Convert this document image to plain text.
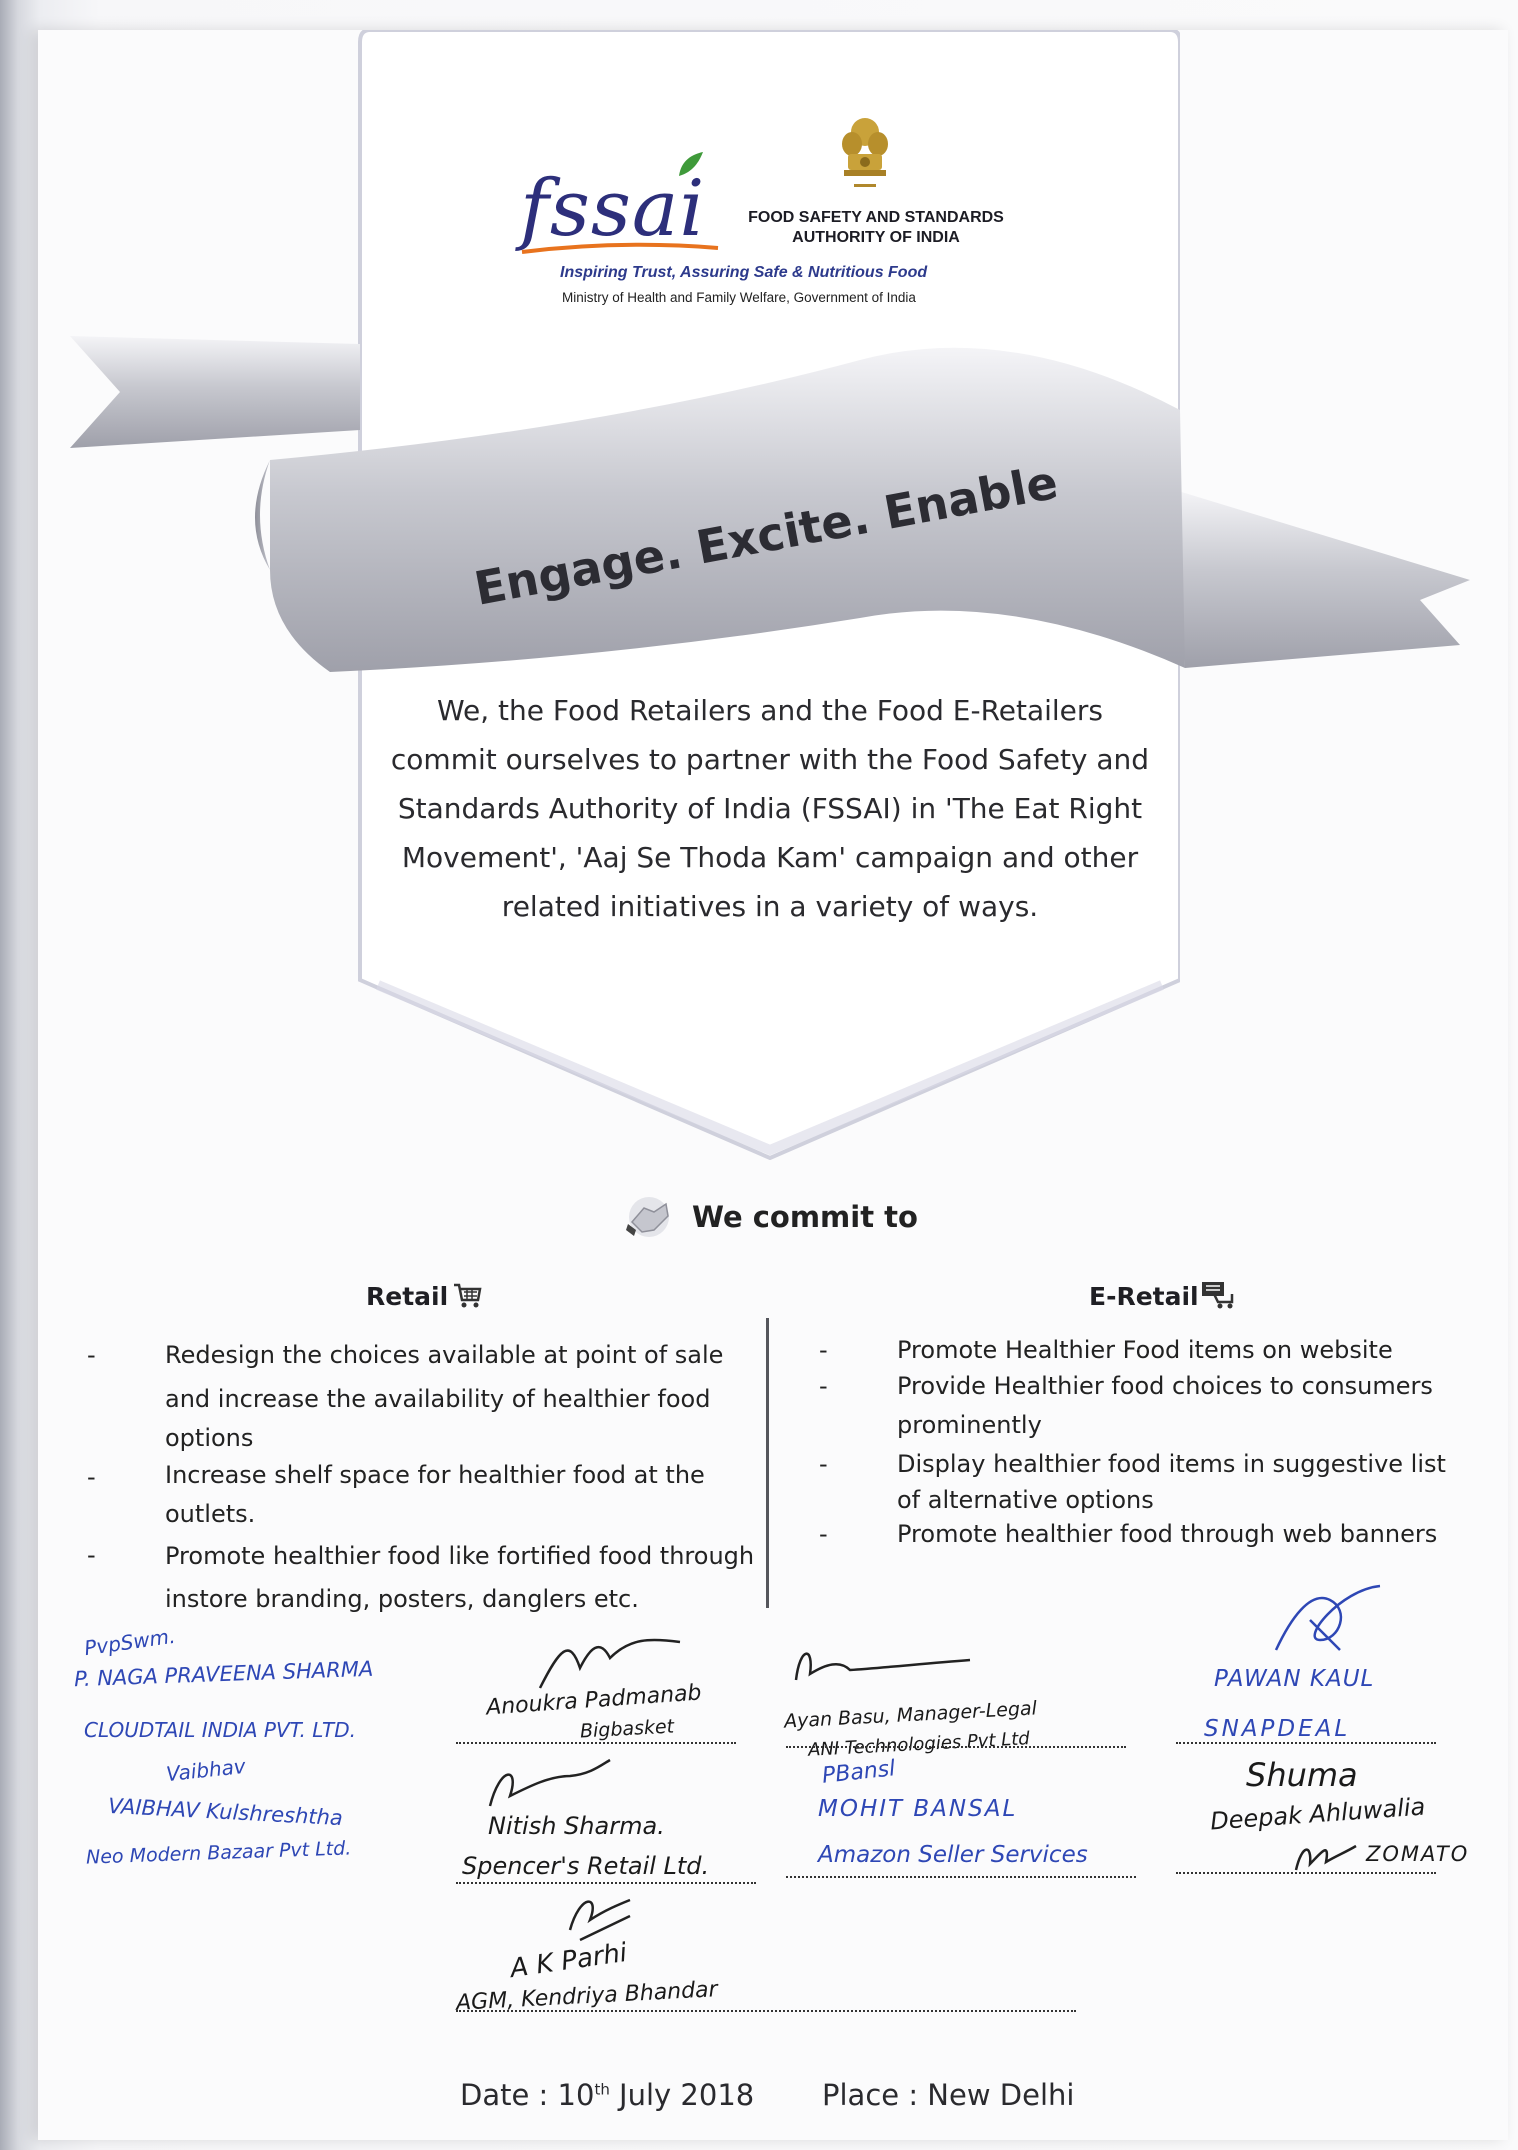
fssai	FOOD SAFETY AND STANDARDS AUTHORITY OF INDIA
Inspiring Trust, Assuring Safe & Nutritious Food
Ministry of Health and Family Welfare, Government of India
Engage. Excite. Enable
We, the Food Retailers and the Food E-Retailers
commit ourselves to partner with the Food Safety and
Standards Authority of India (FSSAI) in 'The Eat Right
Movement', 'Aaj Se Thoda Kam' campaign and other
related initiatives in a variety of ways.
We commit to
Retail	E-Retail
-	Redesign the choices available at point of sale
and increase the availability of healthier food
options
-	Increase shelf space for healthier food at the
outlets.
-	Promote healthier food like fortified food through
instore branding, posters, danglers etc.
-	Promote Healthier Food items on website
-	Provide Healthier food choices to consumers
prominently
-	Display healthier food items in suggestive list
of alternative options
-	Promote healthier food through web banners
PvpSwm.
P. NAGA PRAVEENA SHARMA
CLOUDTAIL INDIA PVT. LTD.
Vaibhav
VAIBHAV Kulshreshtha
Neo Modern Bazaar Pvt Ltd.
Anoukra Padmanab
Bigbasket
Nitish Sharma.
Spencer's Retail Ltd.
A K Parhi
AGM, Kendriya Bhandar
Ayan Basu, Manager-Legal
ANI Technologies Pvt Ltd
PBansl
MOHIT BANSAL
Amazon Seller Services
PAWAN KAUL
SNAPDEAL
Shuma
Deepak Ahluwalia
ZOMATO
Date : 10th July 2018 Place : New Delhi
